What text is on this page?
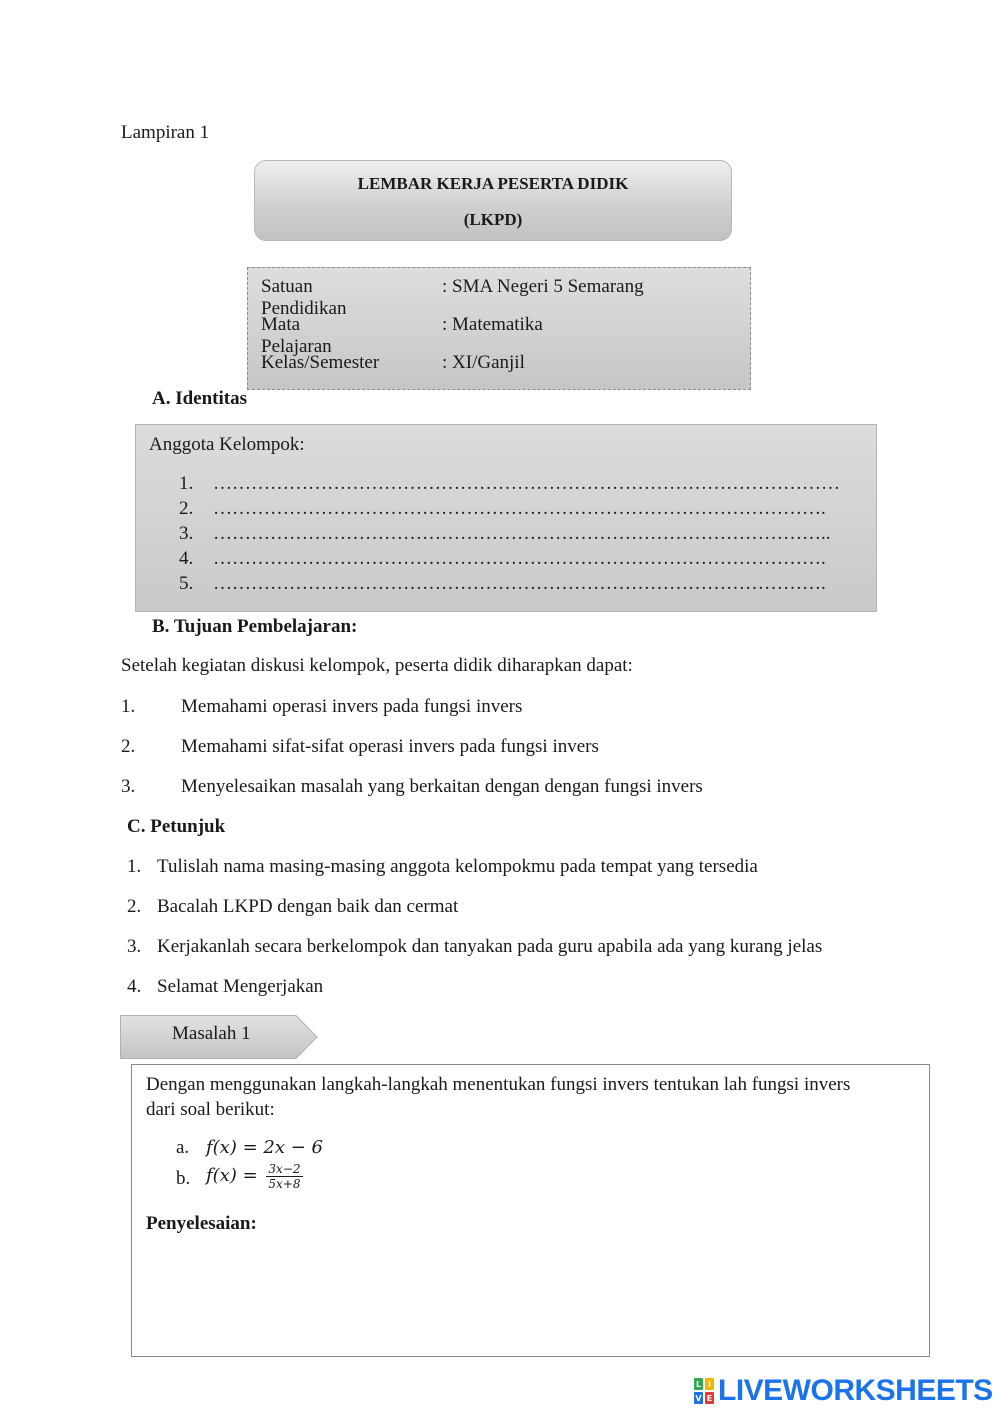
Lampiran 1
LEMBAR KERJA PESERTA DIDIK
(LKPD)
Satuan Pendidikan
: SMA Negeri 5 Semarang
Mata Pelajaran
: Matematika
Kelas/Semester	: XI/Ganjil
A. Identitas
Anggota Kelompok:
1. ………………………………………………………………………………………
2. …………………………………………………………………………………….
3. ……………………………………………………………………………………..
4. …………………………………………………………………………………….
5. …………………………………………………………………………………….
B. Tujuan Pembelajaran:
Setelah kegiatan diskusi kelompok, peserta didik diharapkan dapat:
1. Memahami operasi invers pada fungsi invers
2. Memahami sifat-sifat operasi invers pada fungsi invers
3. Menyelesaikan masalah yang berkaitan dengan dengan fungsi invers
C. Petunjuk
1. Tulislah nama masing-masing anggota kelompokmu pada tempat yang tersedia
2. Bacalah LKPD dengan baik dan cermat
3. Kerjakanlah secara berkelompok dan tanyakan pada guru apabila ada yang kurang jelas
4. Selamat Mengerjakan
Masalah 1
Dengan menggunakan langkah-langkah menentukan fungsi invers tentukan lah fungsi invers
dari soal berikut:
a. f(x) = 2x − 6
b. $f(x) = \frac{3x-2}{5x+8}$
Penyelesaian:
L I
V E LIVEWORKSHEETS
